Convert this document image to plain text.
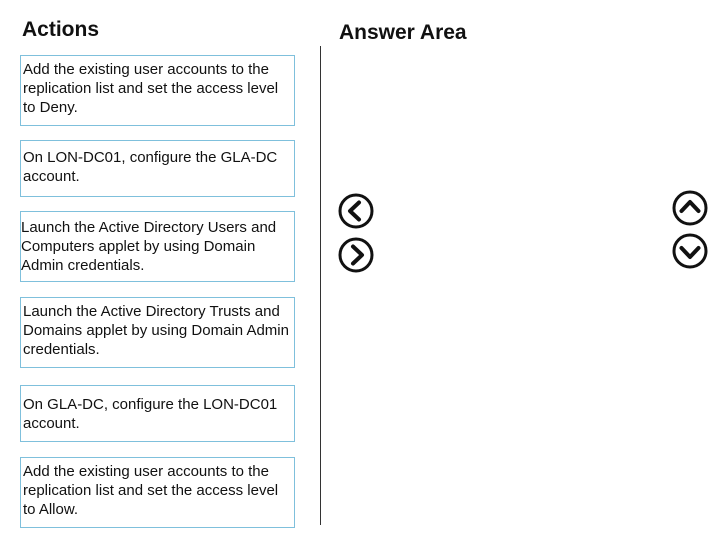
Actions	Answer Area
Add the existing user accounts to the replication list and set the access level to Deny.
On LON-DC01, configure the GLA-DC account.
Launch the Active Directory Users and Computers applet by using Domain Admin credentials.
Launch the Active Directory Trusts and Domains applet by using Domain Admin credentials.
On GLA-DC, configure the LON-DC01 account.
Add the existing user accounts to the replication list and set the access level to Allow.
